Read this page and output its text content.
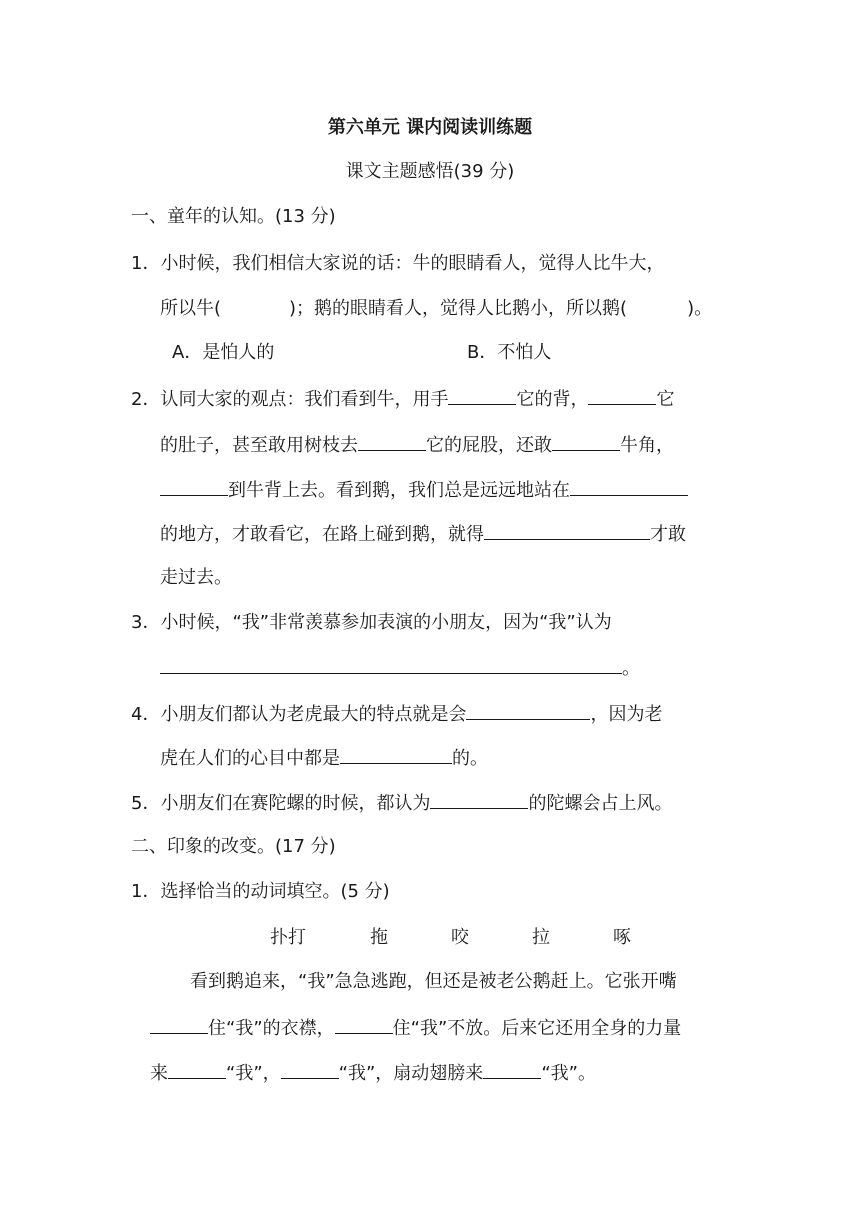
第六单元 课内阅读训练题
课文主题感悟(39 分)
一、童年的认知。(13 分)
1．小时候，我们相信大家说的话：牛的眼睛看人，觉得人比牛大，
所以牛(	)；鹅的眼睛看人，觉得人比鹅小，所以鹅(	)。
A．是怕人的	B．不怕人
2．认同大家的观点：我们看到牛，用手	它的背，	它
的肚子，甚至敢用树枝去	它的屁股，还敢	牛角，
到牛背上去。看到鹅，我们总是远远地站在
的地方，才敢看它，在路上碰到鹅，就得	才敢
走过去。
3．小时候，“我”非常羡慕参加表演的小朋友，因为“我”认为
。
4．小朋友们都认为老虎最大的特点就是会	，因为老
虎在人们的心目中都是	的。
5．小朋友们在赛陀螺的时候，都认为	的陀螺会占上风。
二、印象的改变。(17 分)
1．选择恰当的动词填空。(5 分)
扑打	拖	咬	拉	啄
看到鹅追来，“我”急急逃跑，但还是被老公鹅赶上。它张开嘴
住“我”的衣襟，	住“我”不放。后来它还用全身的力量
来	“我”，	“我”，扇动翅膀来	“我”。
